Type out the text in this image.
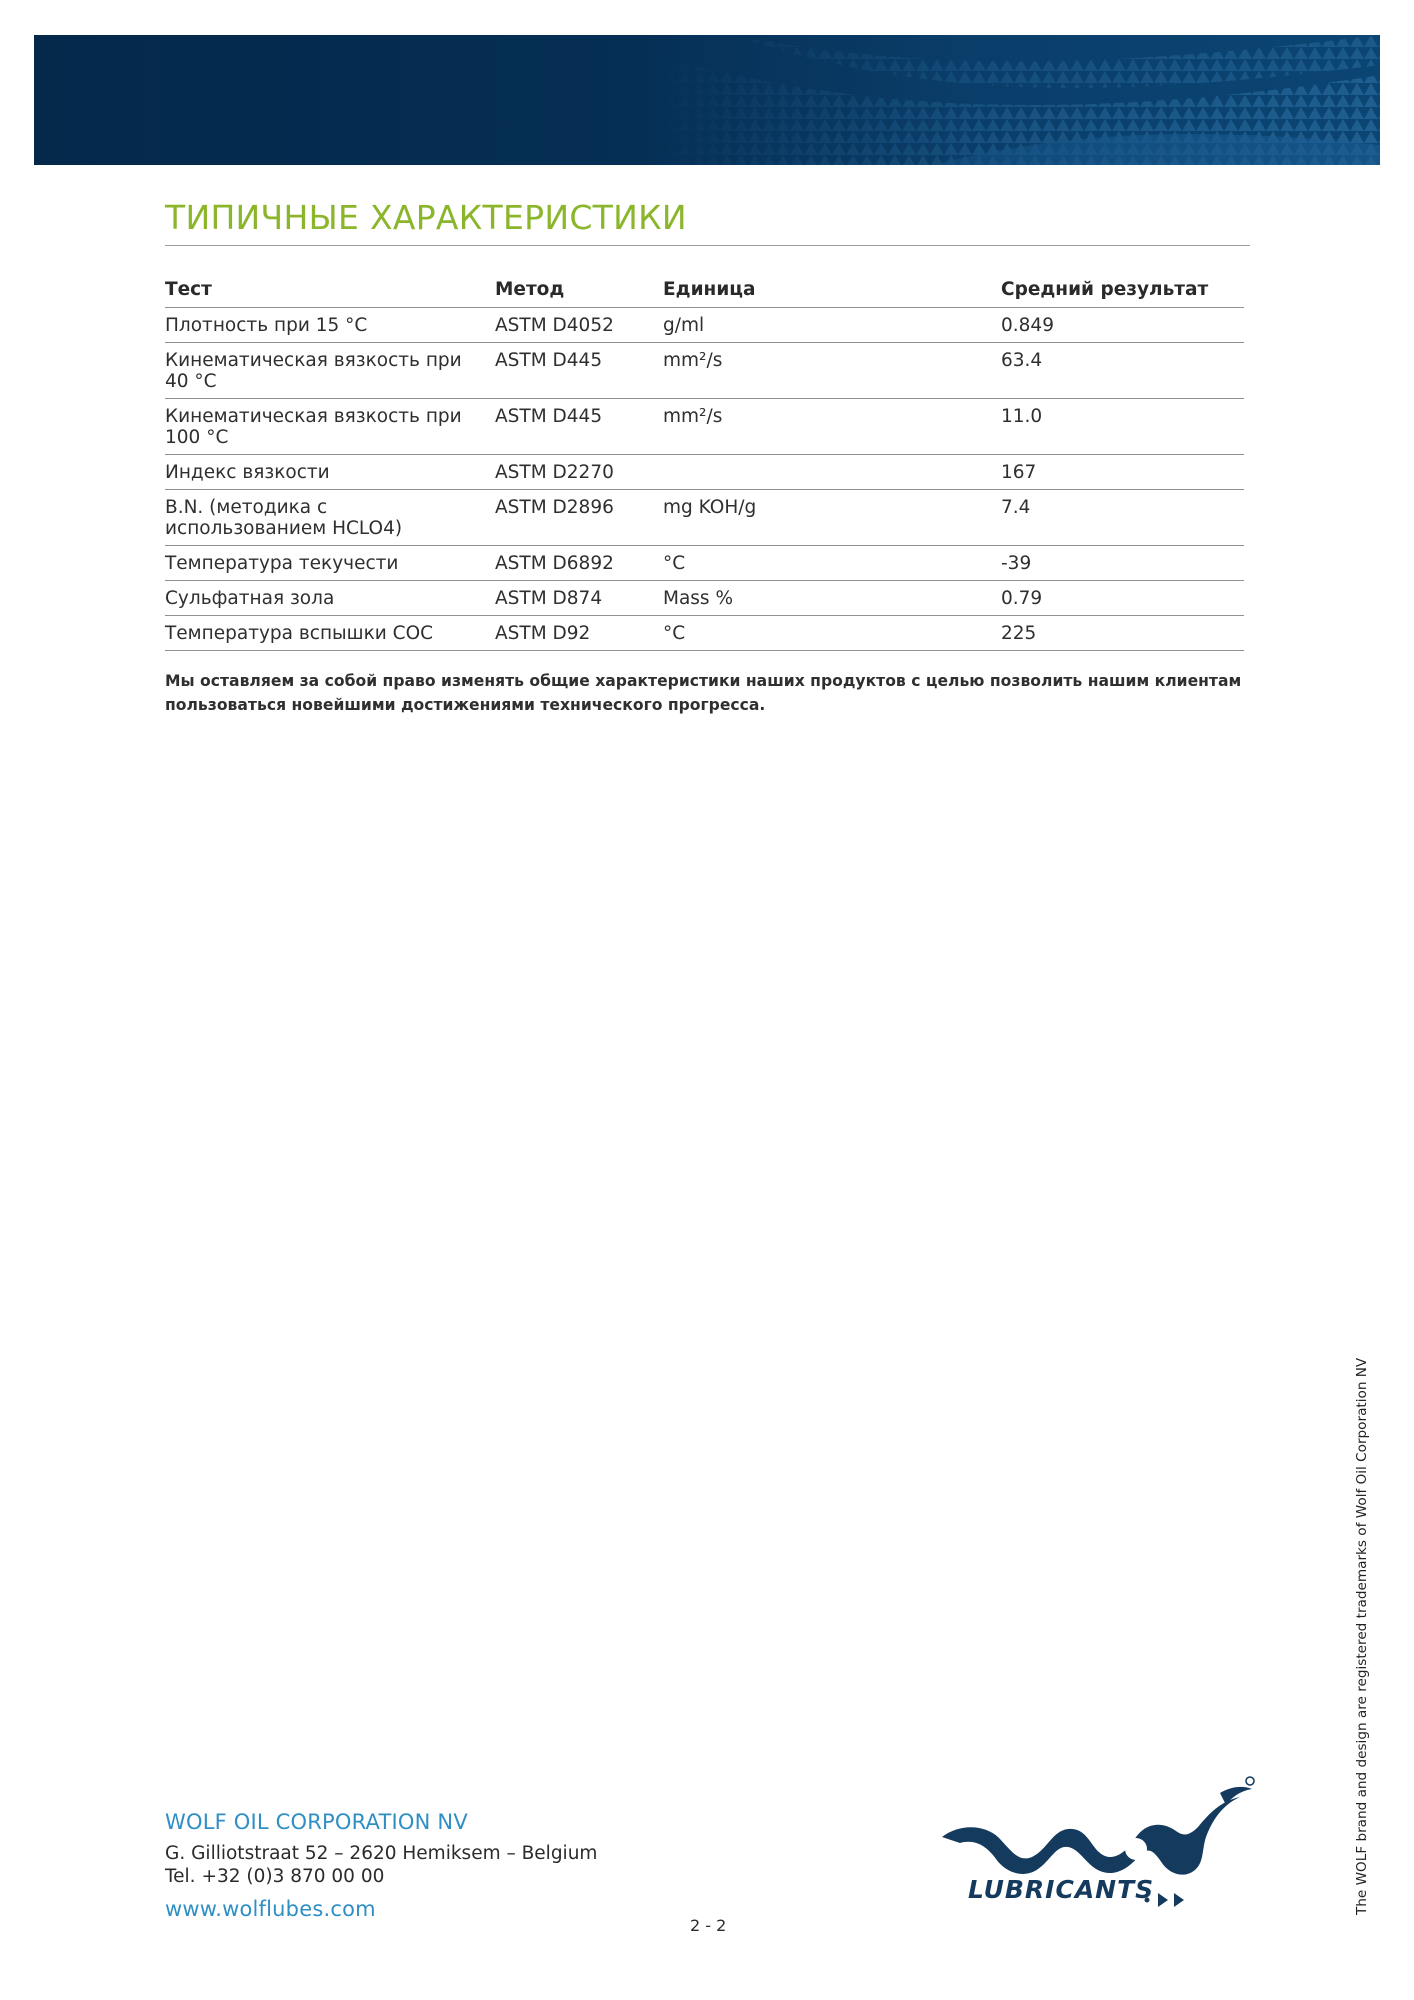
ТИПИЧНЫЕ ХАРАКТЕРИСТИКИ
Тест	Метод	Единица	Средний результат

Плотность при 15 °C	ASTM D4052	g/ml	0.849

Кинематическая вязкость при 40 °C	ASTM D445	mm²/s	63.4

Кинематическая вязкость при 100 °C	ASTM D445	mm²/s	11.0

Индекс вязкости	ASTM D2270		167

B.N. (методика с использованием HCLO4)	ASTM D2896	mg KOH/g	7.4

Температура текучести	ASTM D6892	°C	-39

Сульфатная зола	ASTM D874	Mass %	0.79

Температура вспышки COC	ASTM D92	°C	225

Мы оставляем за собой право изменять общие характеристики наших продуктов с целью позволить нашим клиентам пользоваться новейшими достижениями технического прогресса.

WOLF OIL CORPORATION NV

G. Gilliotstraat 52 – 2620 Hemiksem – Belgium

Tel. +32 (0)3 870 00 00

www.wolflubes.com
2 - 2
LUBRICANTS	The WOLF brand and design are registered trademarks of Wolf Oil Corporation NV
